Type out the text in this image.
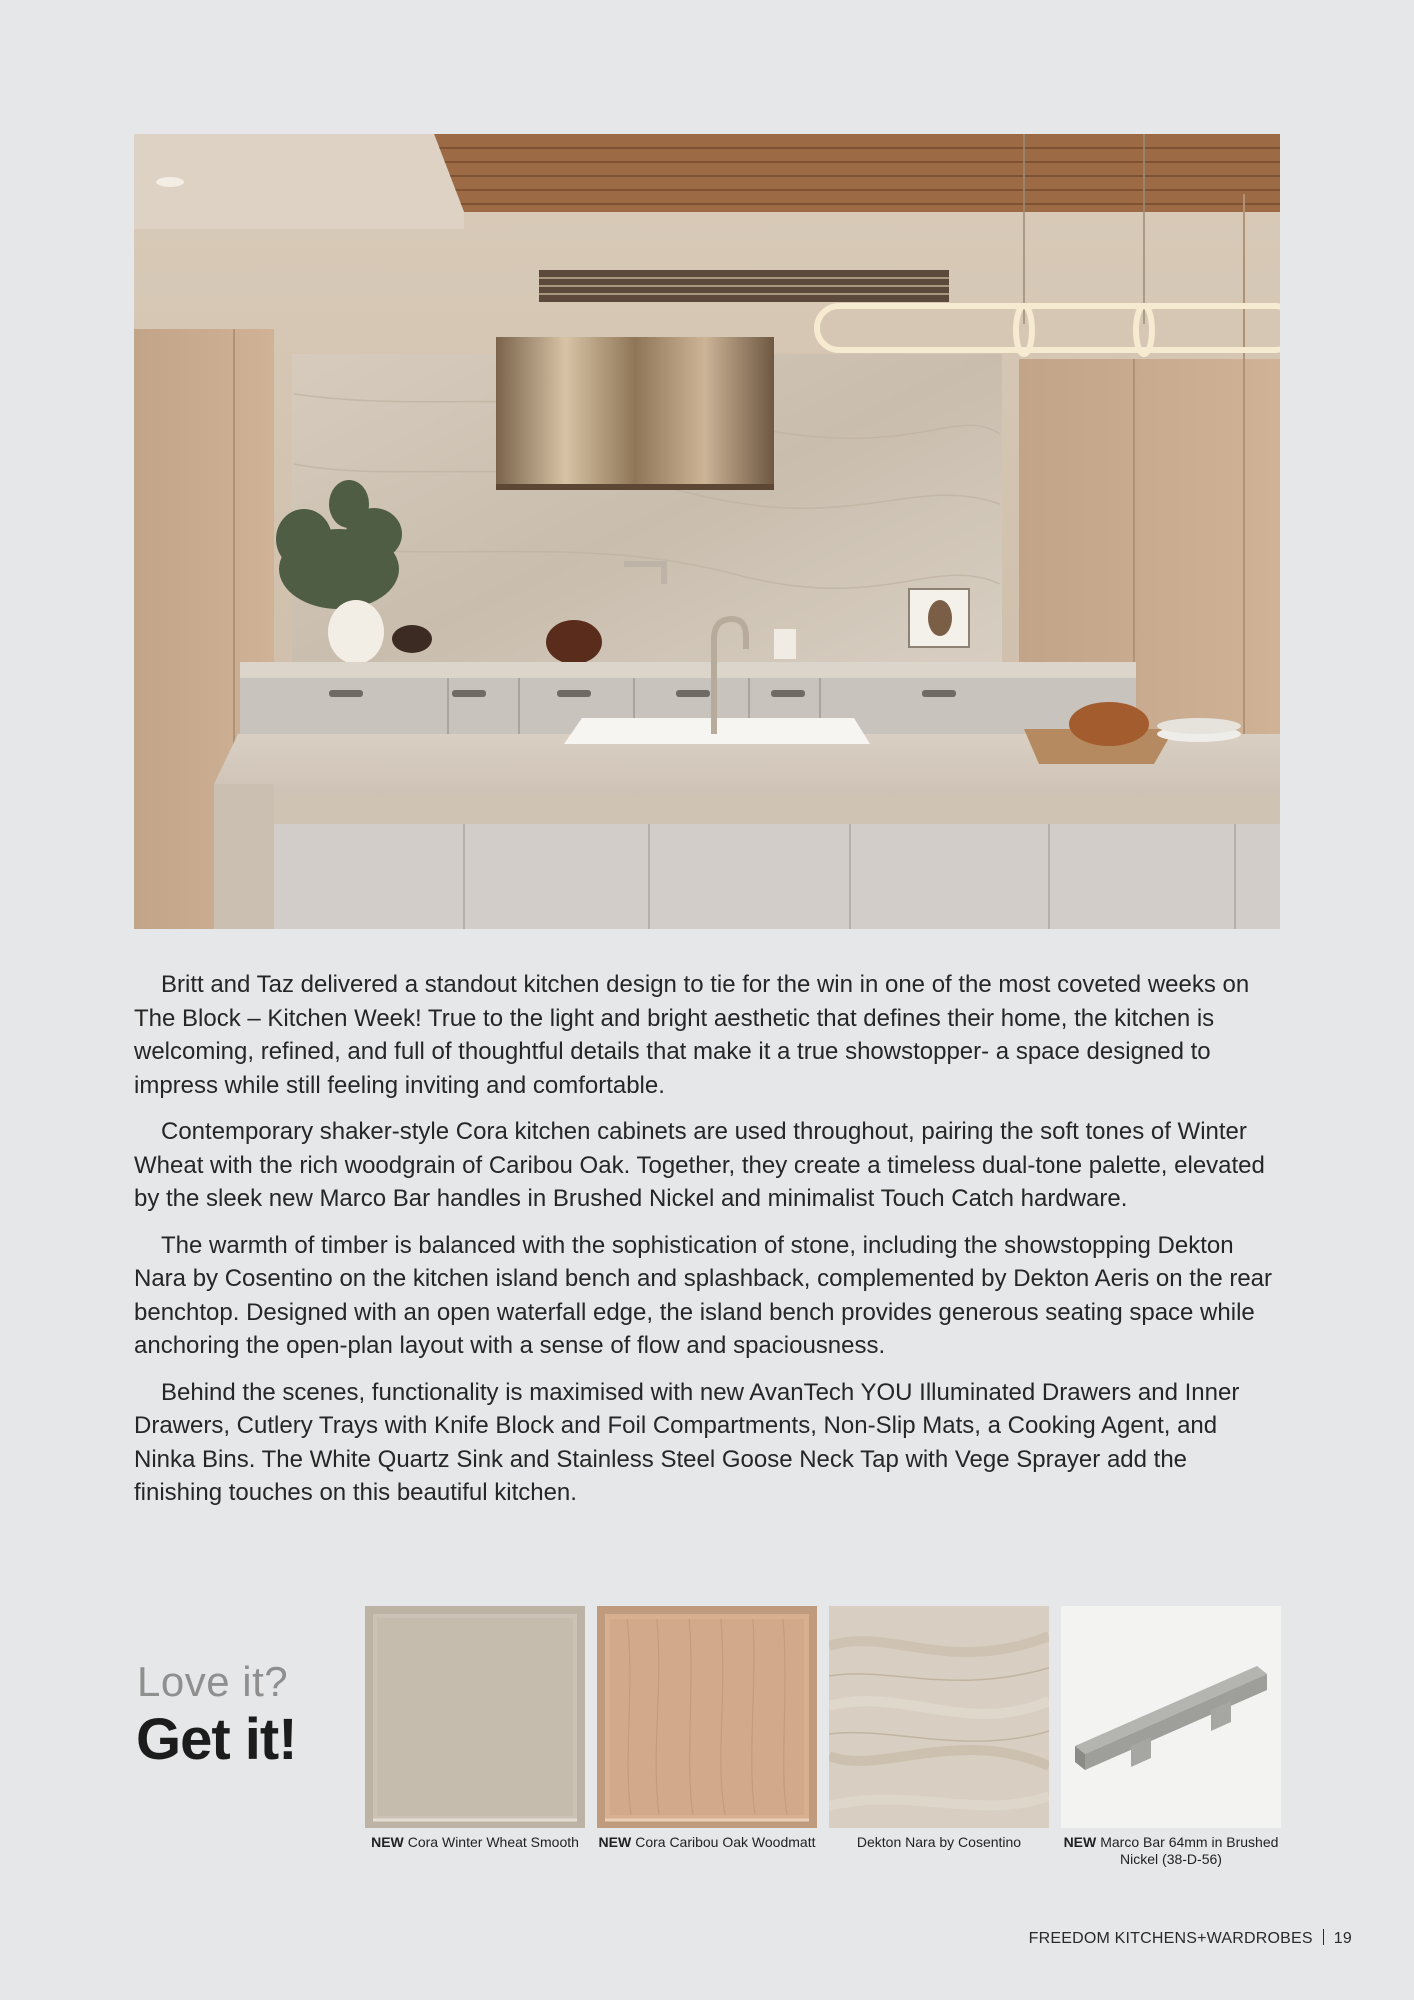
Britt and Taz delivered a standout kitchen design to tie for the win in one of the most coveted weeks on The Block – Kitchen Week! True to the light and bright aesthetic that defines their home, the kitchen is welcoming, refined, and full of thoughtful details that make it a true showstopper- a space designed to impress while still feeling inviting and comfortable.

Contemporary shaker-style Cora kitchen cabinets are used throughout, pairing the soft tones of Winter Wheat with the rich woodgrain of Caribou Oak. Together, they create a timeless dual-tone palette, elevated by the sleek new Marco Bar handles in Brushed Nickel and minimalist Touch Catch hardware.

The warmth of timber is balanced with the sophistication of stone, including the showstopping Dekton Nara by Cosentino on the kitchen island bench and splashback, complemented by Dekton Aeris on the rear benchtop. Designed with an open waterfall edge, the island bench provides generous seating space while anchoring the open-plan layout with a sense of flow and spaciousness.

Behind the scenes, functionality is maximised with new AvanTech YOU Illuminated Drawers and Inner Drawers, Cutlery Trays with Knife Block and Foil Compartments, Non-Slip Mats, a Cooking Agent, and Ninka Bins. The White Quartz Sink and Stainless Steel Goose Neck Tap with Vege Sprayer add the finishing touches on this beautiful kitchen.

Love it?
Get it!
NEW Cora Winter Wheat Smooth	NEW Cora Caribou Oak Woodmatt	Dekton Nara by Cosentino	NEW Marco Bar 64mm in Brushed Nickel (38-D-56)
FREEDOM KITCHENS+WARDROBES 19
